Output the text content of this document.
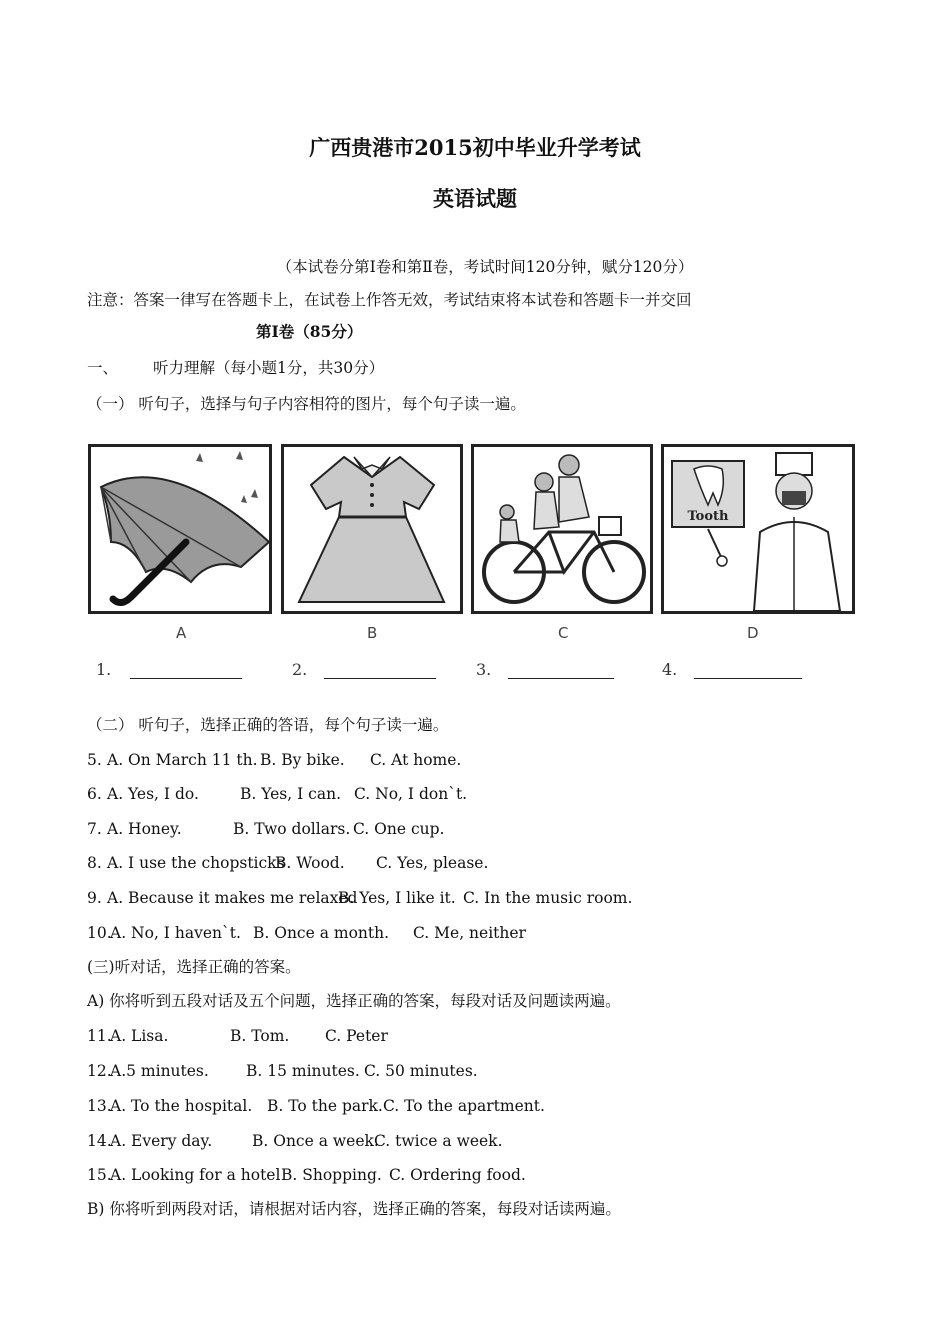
广西贵港市2015初中毕业升学考试
英语试题
（本试卷分第Ⅰ卷和第Ⅱ卷，考试时间120分钟，赋分120分）
注意：答案一律写在答题卡上，在试卷上作答无效，考试结束将本试卷和答题卡一并交回
第Ⅰ卷（85分）
一、 听力理解（每小题1分，共30分）
（一） 听句子，选择与句子内容相符的图片，每个句子读一遍。
Tooth
A	B	C	D
1.	2.	3.	4.
（二） 听句子，选择正确的答语，每个句子读一遍。
5. A. On March 11 th. B. By bike. C. At home.
6. A. Yes, I do.	B. Yes, I can. C. No, I don`t.
7. A. Honey.	B. Two dollars. C. One cup.
8. A. I use the chopsticks
B. Wood. C. Yes, please.
9. A. Because it makes me relaxed
B. Yes, I like it. C. In the music room.
10.
A. No, I haven`t. B. Once a month. C. Me, neither
(三)听对话，选择正确的答案。
A) 你将听到五段对话及五个问题，选择正确的答案，每段对话及问题读两遍。
11.
A. Lisa.	B. Tom. C. Peter
12.
A.5 minutes. B. 15 minutes. C. 50 minutes.
13.
A. To the hospital. B. To the park. C. To the apartment.
14.
A. Every day.	B. Once a week.
C. twice a week.
15.
A. Looking for a hotel B. Shopping. C. Ordering food.
B) 你将听到两段对话，请根据对话内容，选择正确的答案，每段对话读两遍。
